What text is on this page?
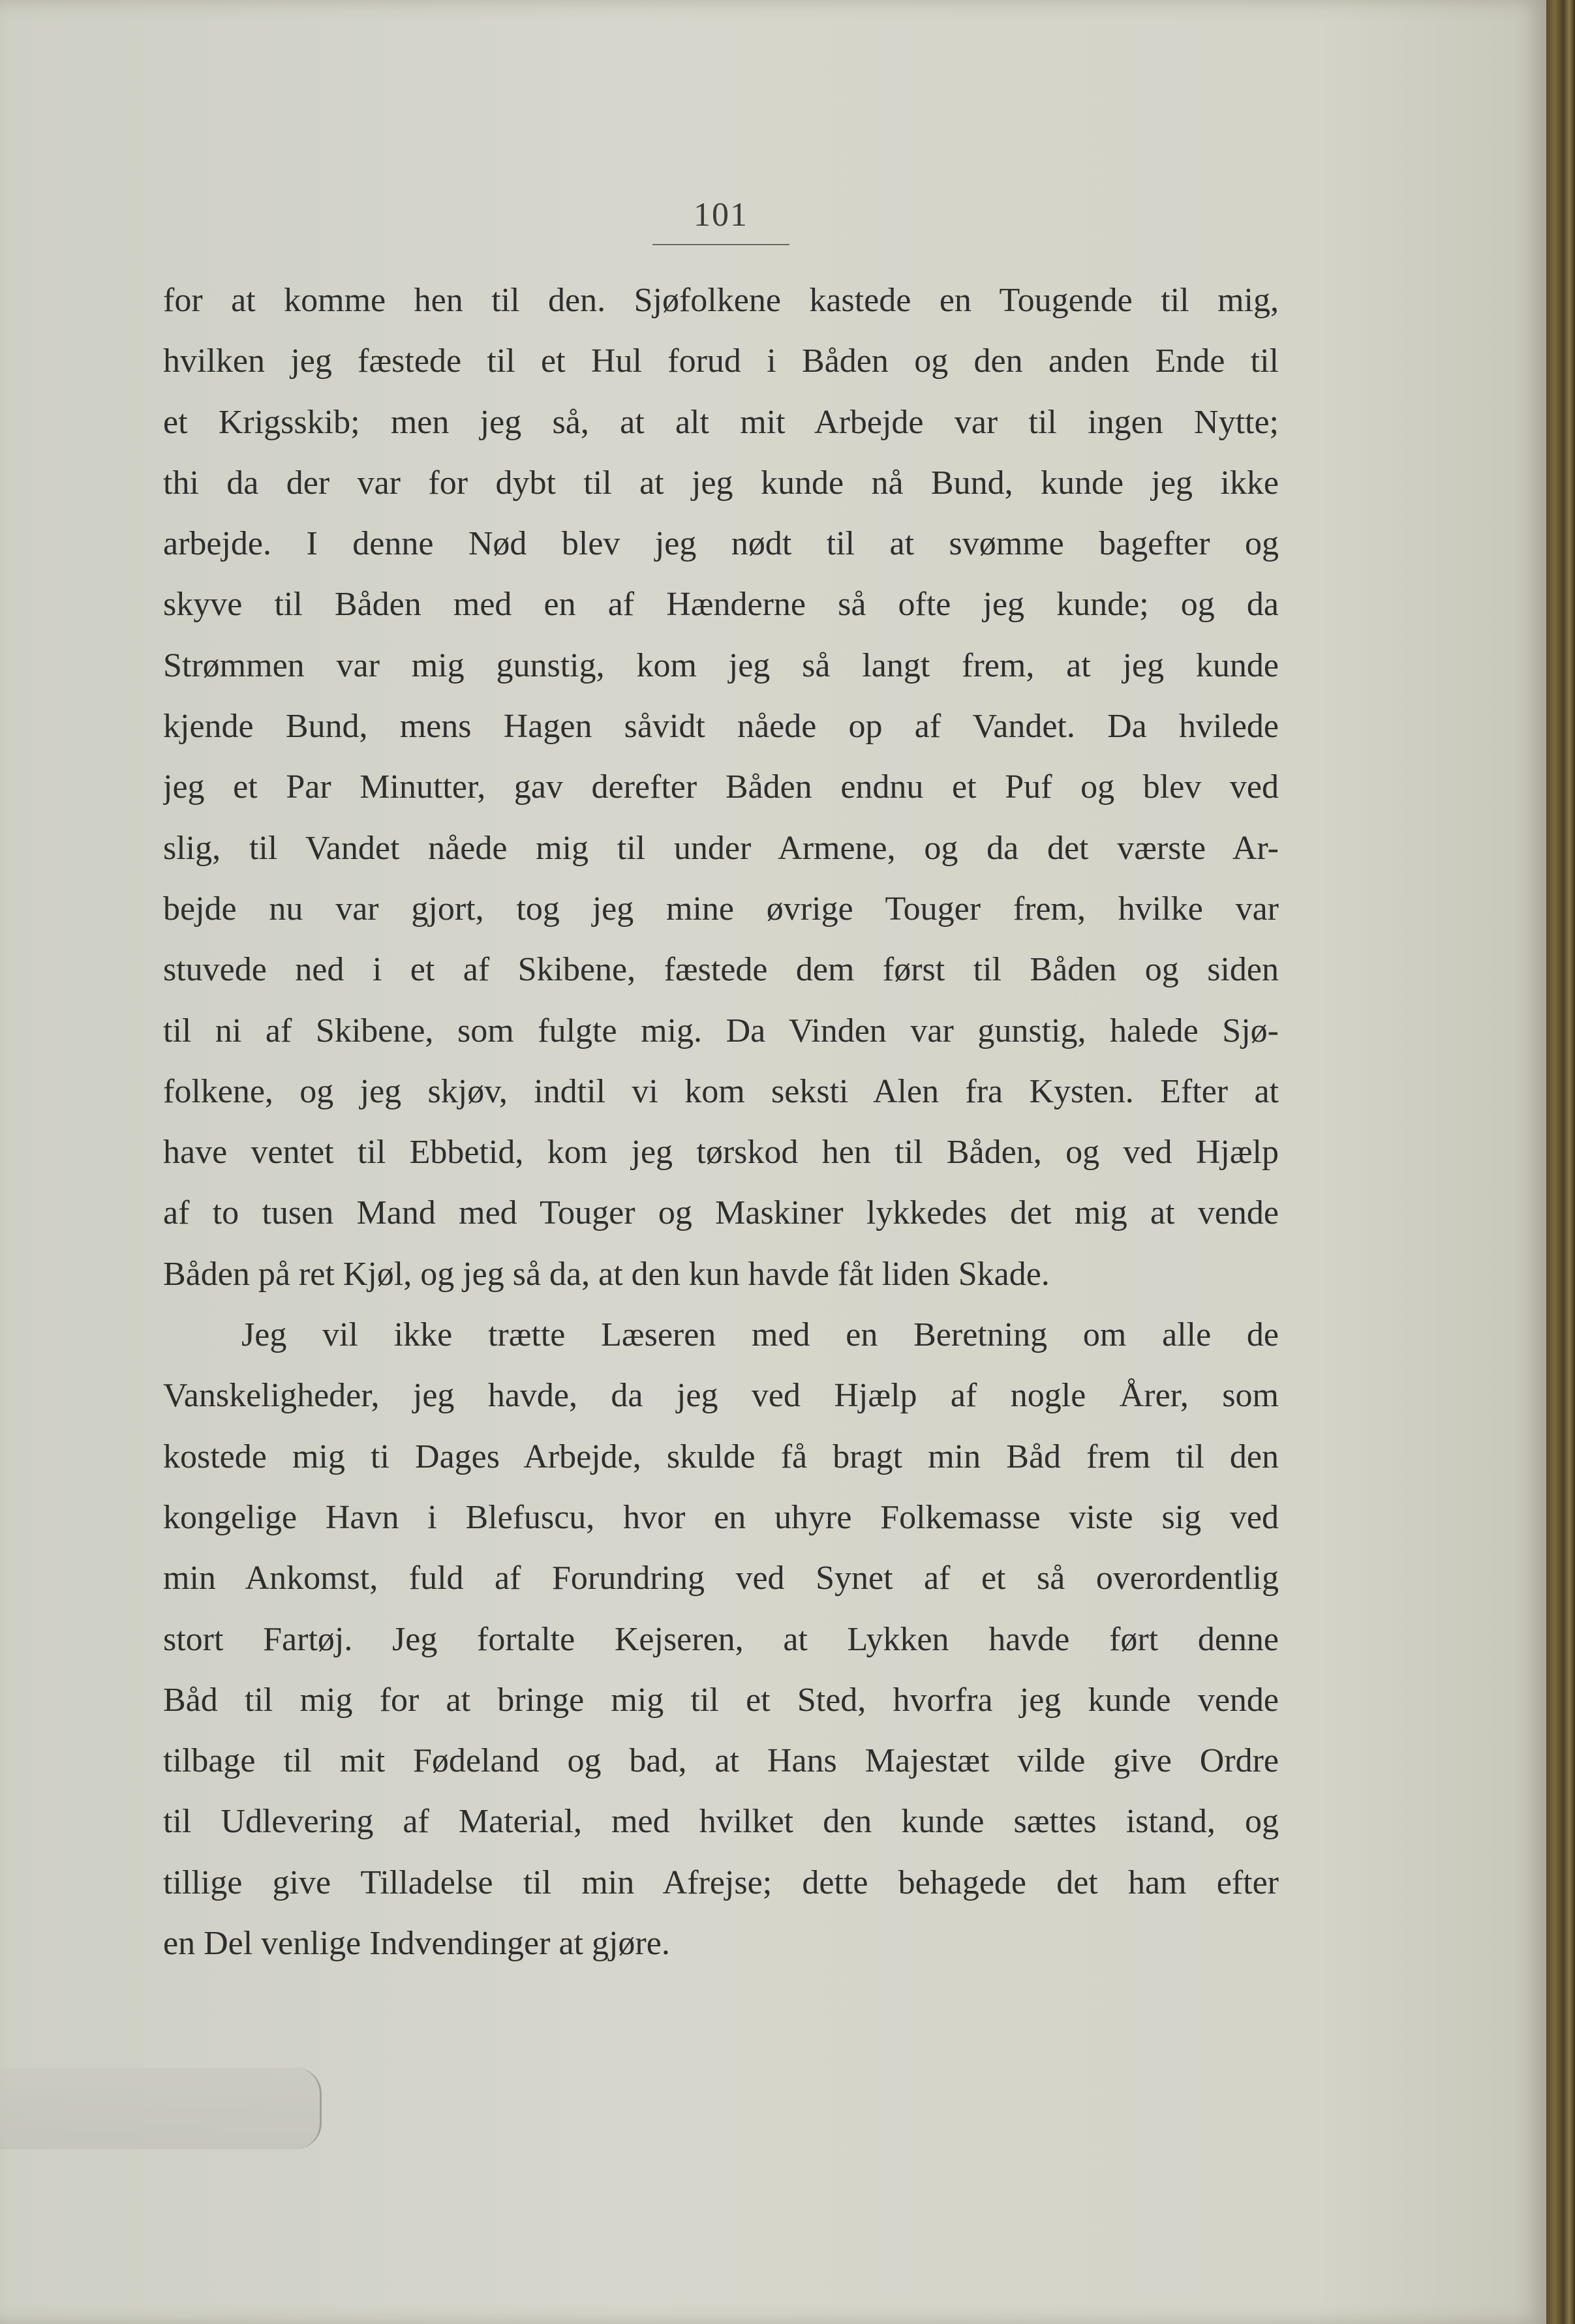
101
for at komme hen til den. Sjøfolkene kastede en Tougende til mig,
hvilken jeg fæstede til et Hul forud i Båden og den anden Ende til
et Krigsskib; men jeg så, at alt mit Arbejde var til ingen Nytte;
thi da der var for dybt til at jeg kunde nå Bund, kunde jeg ikke
arbejde. I denne Nød blev jeg nødt til at svømme bagefter og
skyve til Båden med en af Hænderne så ofte jeg kunde; og da
Strømmen var mig gunstig, kom jeg så langt frem, at jeg kunde
kjende Bund, mens Hagen såvidt nåede op af Vandet. Da hvilede
jeg et Par Minutter, gav derefter Båden endnu et Puf og blev ved
slig, til Vandet nåede mig til under Armene, og da det værste Ar-
bejde nu var gjort, tog jeg mine øvrige Touger frem, hvilke var
stuvede ned i et af Skibene, fæstede dem først til Båden og siden
til ni af Skibene, som fulgte mig. Da Vinden var gunstig, halede Sjø-
folkene, og jeg skjøv, indtil vi kom seksti Alen fra Kysten. Efter at
have ventet til Ebbetid, kom jeg tørskod hen til Båden, og ved Hjælp
af to tusen Mand med Touger og Maskiner lykkedes det mig at vende
Båden på ret Kjøl, og jeg så da, at den kun havde fåt liden Skade.
Jeg vil ikke trætte Læseren med en Beretning om alle de
Vanskeligheder, jeg havde, da jeg ved Hjælp af nogle Årer, som
kostede mig ti Dages Arbejde, skulde få bragt min Båd frem til den
kongelige Havn i Blefuscu, hvor en uhyre Folkemasse viste sig ved
min Ankomst, fuld af Forundring ved Synet af et så overordentlig
stort Fartøj. Jeg fortalte Kejseren, at Lykken havde ført denne
Båd til mig for at bringe mig til et Sted, hvorfra jeg kunde vende
tilbage til mit Fødeland og bad, at Hans Majestæt vilde give Ordre
til Udlevering af Material, med hvilket den kunde sættes istand, og
tillige give Tilladelse til min Afrejse; dette behagede det ham efter
en Del venlige Indvendinger at gjøre.
